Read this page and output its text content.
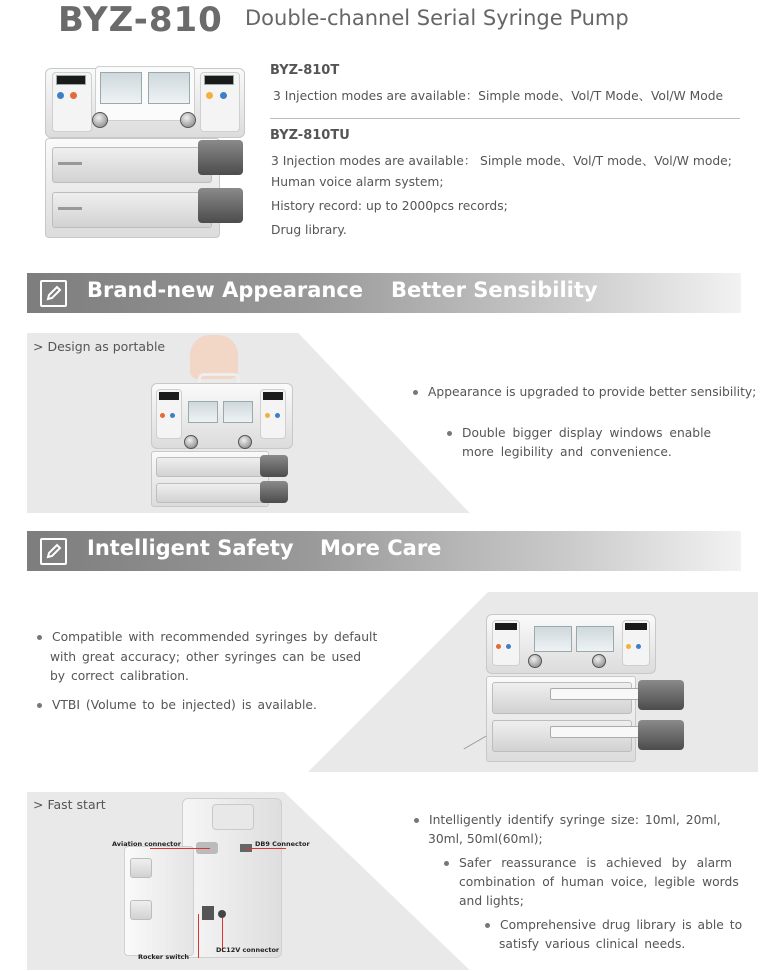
BYZ-810 Double-channel Serial Syringe Pump
BYZ-810T
3 Injection modes are available：Simple mode、Vol/T Mode、Vol/W Mode
BYZ-810TU
3 Injection modes are available： Simple mode、Vol/T mode、Vol/W mode;
Human voice alarm system;
History record: up to 2000pcs records;
Drug library.
Brand-new Appearance Better Sensibility
> Design as portable
Appearance is upgraded to provide better sensibility;
Double bigger display windows enable
more legibility and convenience.
Intelligent Safety More Care
Compatible with recommended syringes by default
with great accuracy; other syringes can be used
by correct calibration.
VTBI (Volume to be injected) is available.
> Fast start
Aviation connector	DB9 Connector
DC12V connector
Rocker switch
Intelligently identify syringe size: 10ml, 20ml,
30ml, 50ml(60ml);
Safer reassurance is achieved by alarm
combination of human voice, legible words
and lights;
Comprehensive drug library is able to
satisfy various clinical needs.
